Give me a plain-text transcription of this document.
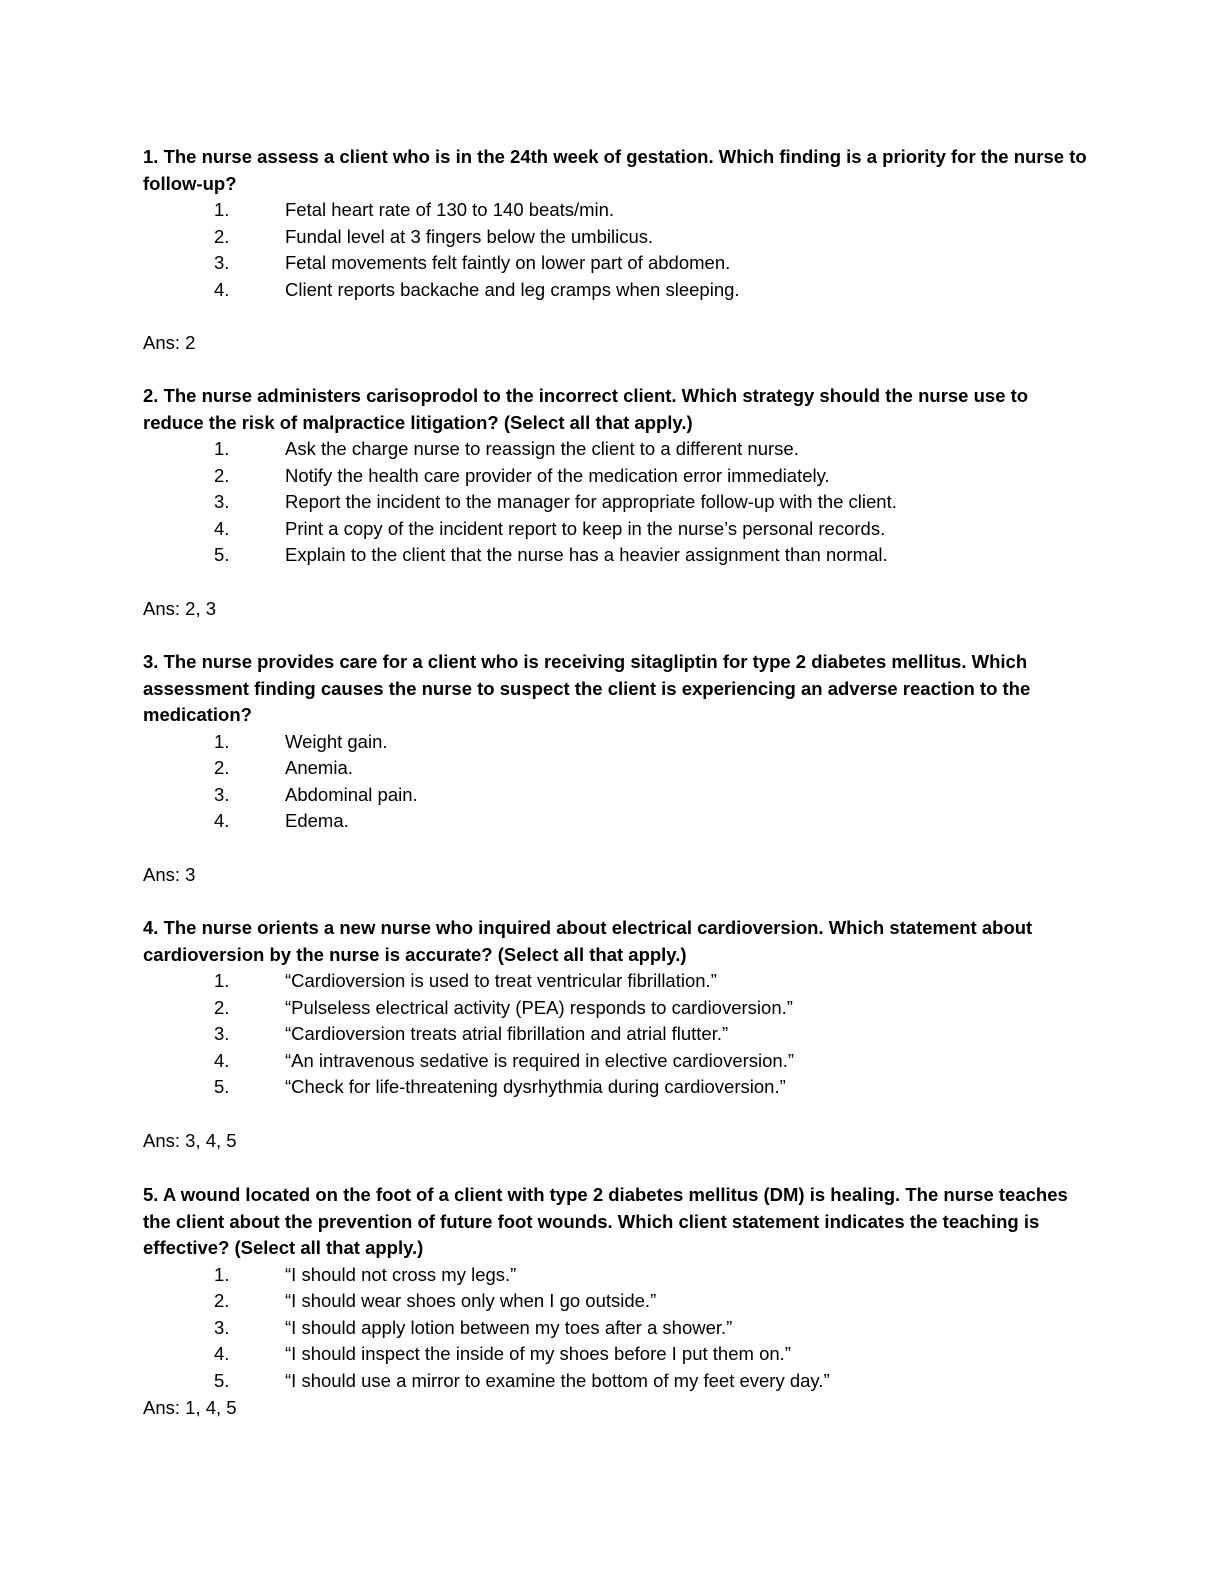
1. The nurse assess a client who is in the 24th week of gestation. Which finding is a priority for the nurse to follow-up?

1.	Fetal heart rate of 130 to 140 beats/min.
2.	Fundal level at 3 fingers below the umbilicus.
3.	Fetal movements felt faintly on lower part of abdomen.
4.	Client reports backache and leg cramps when sleeping.

Ans: 2

2. The nurse administers carisoprodol to the incorrect client. Which strategy should the nurse use to reduce the risk of malpractice litigation? (Select all that apply.)

1.	Ask the charge nurse to reassign the client to a different nurse.
2.	Notify the health care provider of the medication error immediately.
3.	Report the incident to the manager for appropriate follow-up with the client.
4.	Print a copy of the incident report to keep in the nurse’s personal records.
5.	Explain to the client that the nurse has a heavier assignment than normal.

Ans: 2, 3

3. The nurse provides care for a client who is receiving sitagliptin for type 2 diabetes mellitus. Which assessment finding causes the nurse to suspect the client is experiencing an adverse reaction to the medication?

1.	Weight gain.
2.	Anemia.
3.	Abdominal pain.
4.	Edema.

Ans: 3

4. The nurse orients a new nurse who inquired about electrical cardioversion. Which statement about cardioversion by the nurse is accurate? (Select all that apply.)

1.	“Cardioversion is used to treat ventricular fibrillation.”
2.	“Pulseless electrical activity (PEA) responds to cardioversion.”
3.	“Cardioversion treats atrial fibrillation and atrial flutter.”
4.	“An intravenous sedative is required in elective cardioversion.”
5.	“Check for life-threatening dysrhythmia during cardioversion.”

Ans: 3, 4, 5

5. A wound located on the foot of a client with type 2 diabetes mellitus (DM) is healing. The nurse teaches the client about the prevention of future foot wounds. Which client statement indicates the teaching is effective? (Select all that apply.)

1.	“I should not cross my legs.”
2.	“I should wear shoes only when I go outside.”
3.	“I should apply lotion between my toes after a shower.”
4.	“I should inspect the inside of my shoes before I put them on.”
5.	“I should use a mirror to examine the bottom of my feet every day.”

Ans: 1, 4, 5
